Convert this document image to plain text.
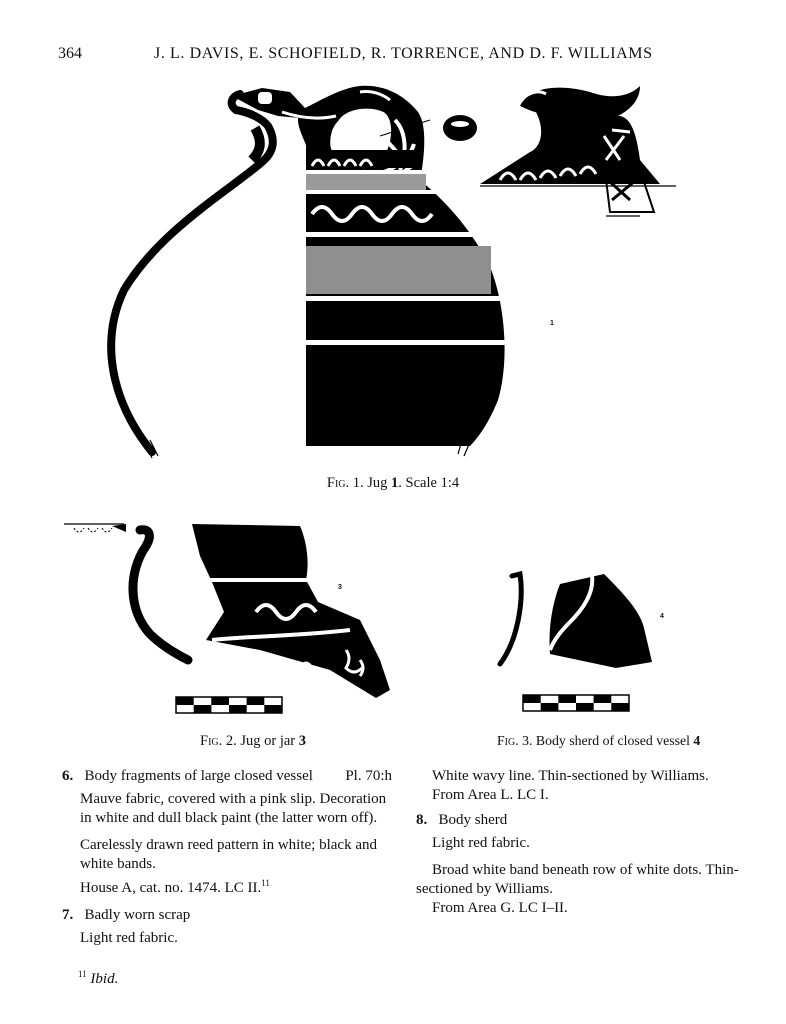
364	J. L. DAVIS, E. SCHOFIELD, R. TORRENCE, AND D. F. WILLIAMS
1
Fig. 1. Jug 1. Scale 1:4
3
Fig. 2. Jug or jar 3
4
Fig. 3. Body sherd of closed vessel 4

6. Body fragments of large closed vessel Pl. 70:h

Mauve fabric, covered with a pink slip. Decoration in white and dull black paint (the latter worn off).

Carelessly drawn reed pattern in white; black and white bands.

House A, cat. no. 1474. LC II.$^{11}$

7. Badly worn scrap

Light red fabric.

$^{11}$ Ibid.

White wavy line. Thin-sectioned by Williams.

From Area L. LC I.

8. Body sherd

Light red fabric.

Broad white band beneath row of white dots. Thin-sectioned by Williams.

From Area G. LC I–II.
